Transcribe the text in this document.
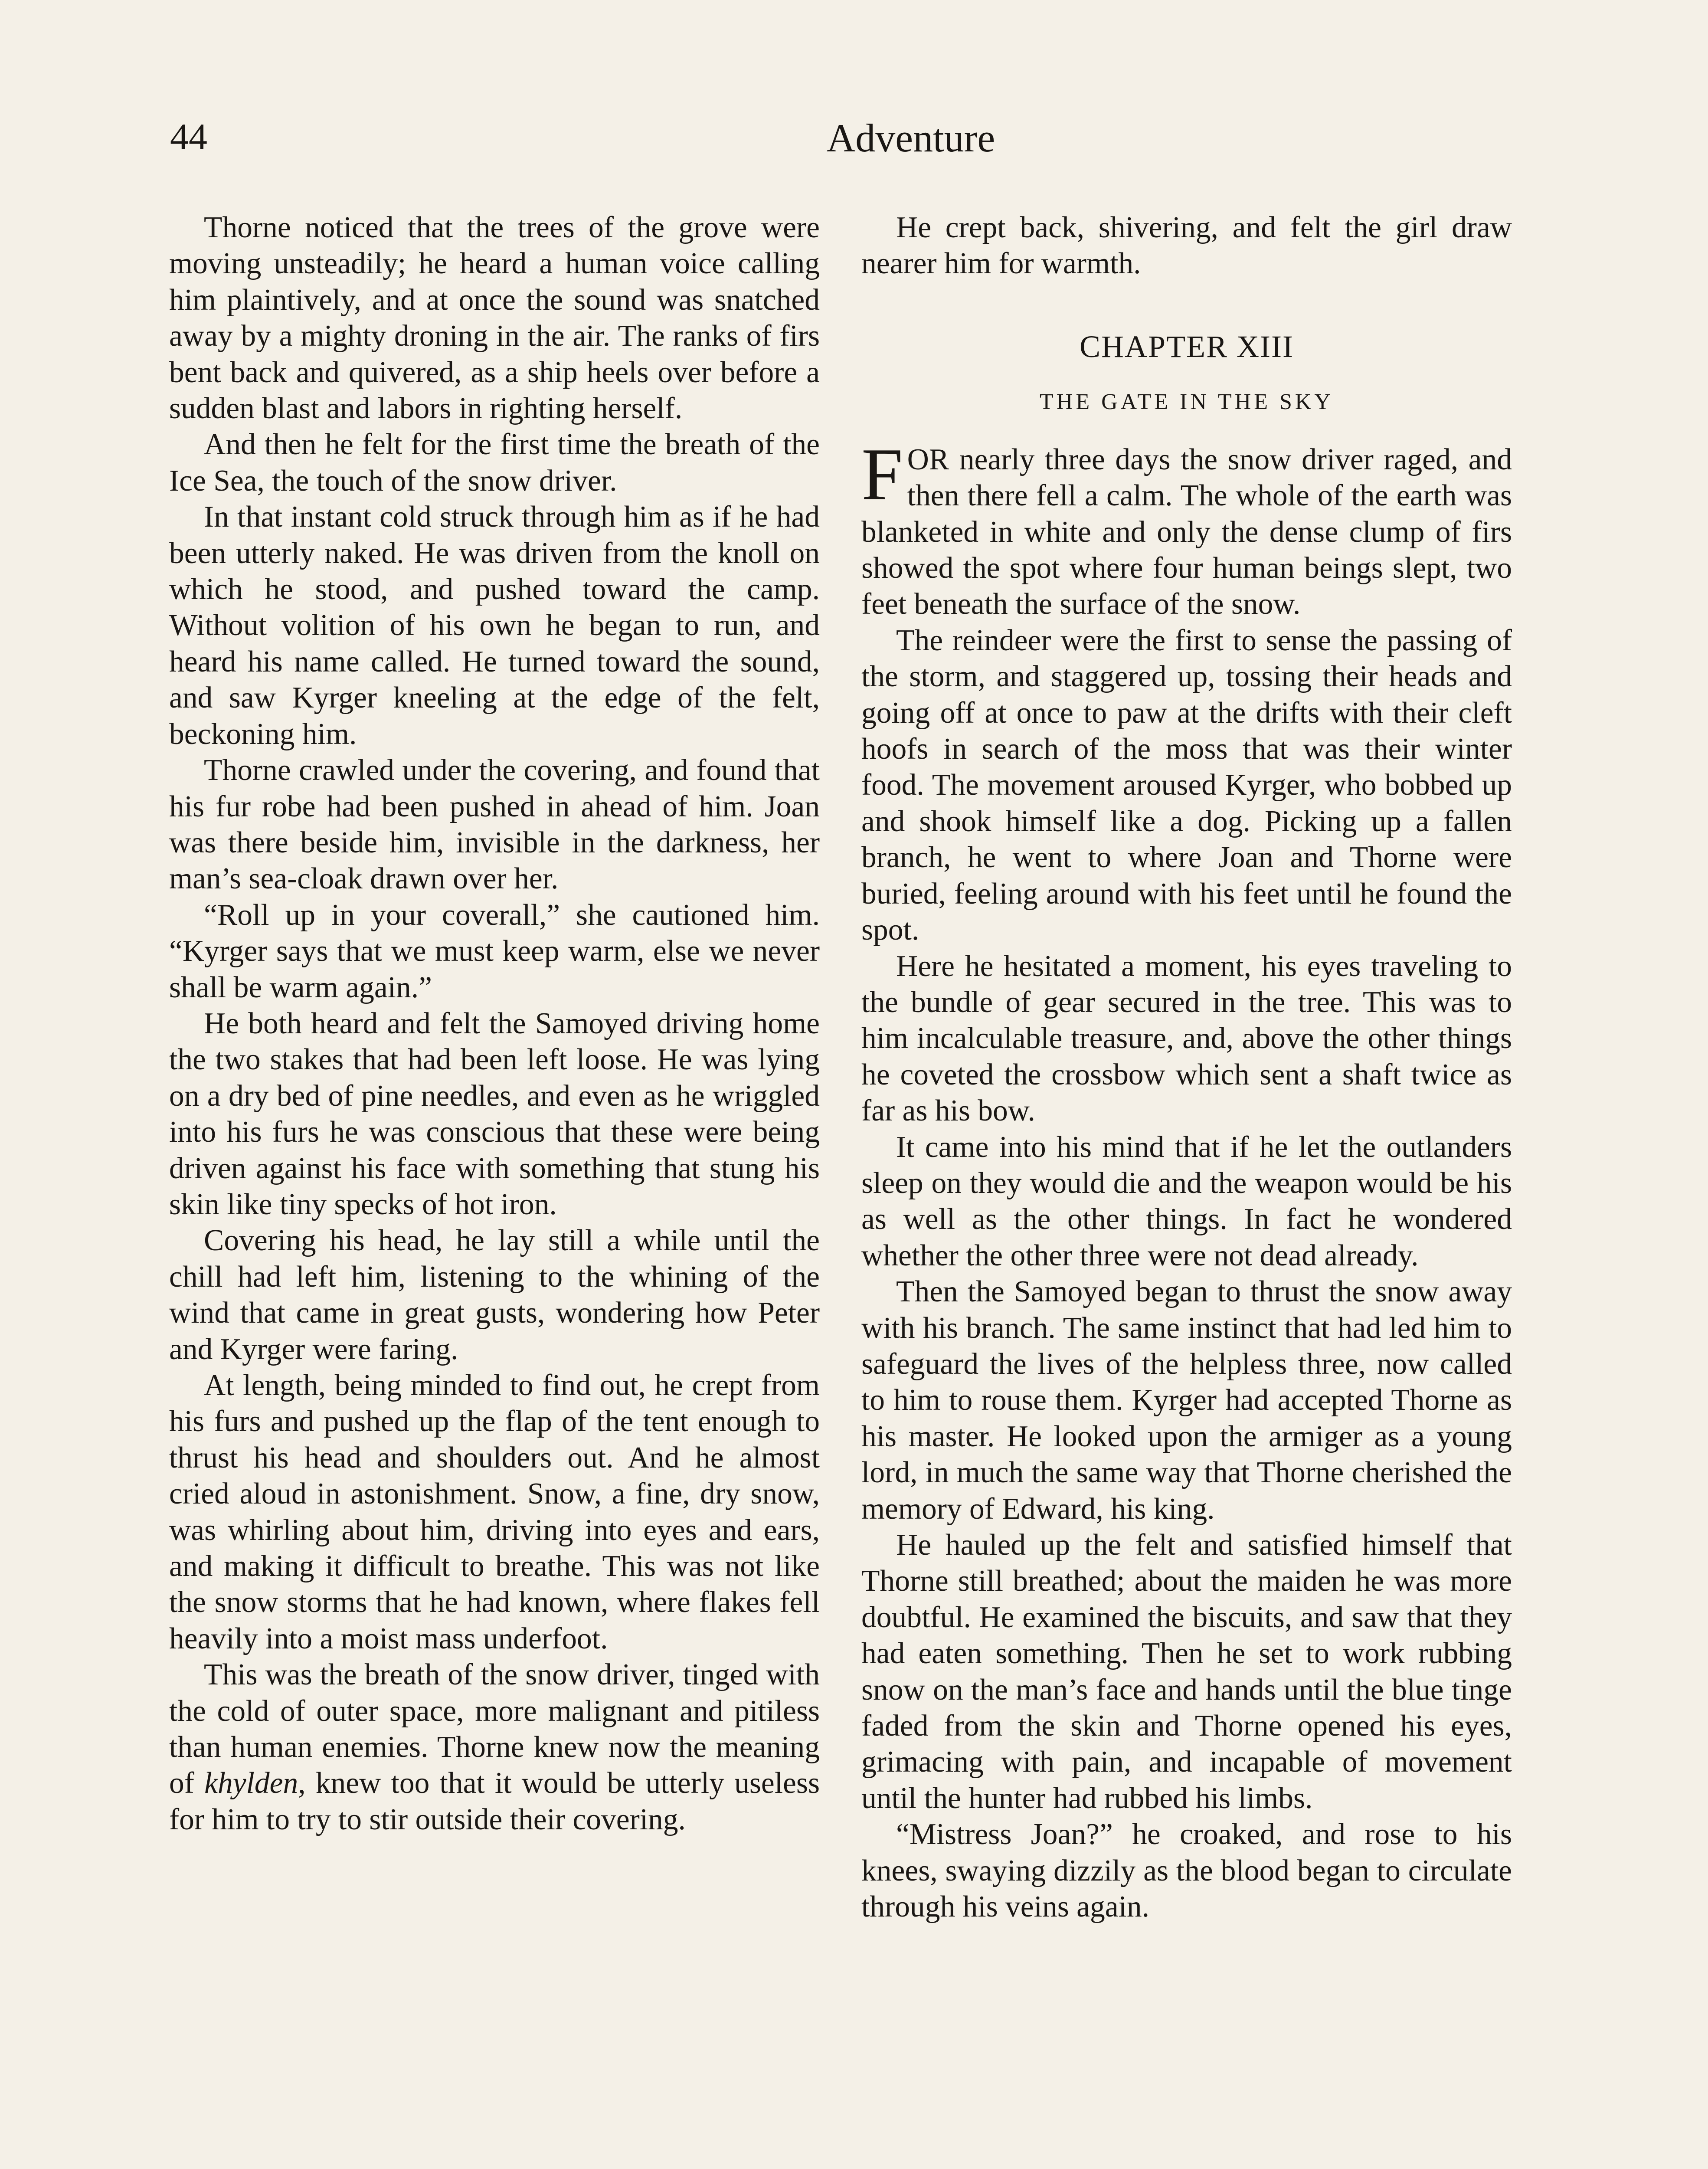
44	Adventure

Thorne noticed that the trees of the grove were moving unsteadily; he heard a human voice calling him plaintively, and at once the sound was snatched away by a mighty droning in the air. The ranks of firs bent back and quivered, as a ship heels over before a sudden blast and labors in righting herself.

And then he felt for the first time the breath of the Ice Sea, the touch of the snow driver.

In that instant cold struck through him as if he had been utterly naked. He was driven from the knoll on which he stood, and pushed toward the camp. Without volition of his own he began to run, and heard his name called. He turned toward the sound, and saw Kyrger kneeling at the edge of the felt, beckoning him.

Thorne crawled under the covering, and found that his fur robe had been pushed in ahead of him. Joan was there beside him, invisible in the darkness, her man’s sea-cloak drawn over her.

“Roll up in your coverall,” she cautioned him. “Kyrger says that we must keep warm, else we never shall be warm again.”

He both heard and felt the Samoyed driving home the two stakes that had been left loose. He was lying on a dry bed of pine needles, and even as he wriggled into his furs he was conscious that these were being driven against his face with something that stung his skin like tiny specks of hot iron.

Covering his head, he lay still a while until the chill had left him, listening to the whining of the wind that came in great gusts, wondering how Peter and Kyrger were faring.

At length, being minded to find out, he crept from his furs and pushed up the flap of the tent enough to thrust his head and shoulders out. And he almost cried aloud in astonishment. Snow, a fine, dry snow, was whirling about him, driving into eyes and ears, and making it difficult to breathe. This was not like the snow storms that he had known, where flakes fell heavily into a moist mass underfoot.

This was the breath of the snow driver, tinged with the cold of outer space, more malignant and pitiless than human enemies. Thorne knew now the meaning of khylden, knew too that it would be utterly useless for him to try to stir outside their covering.

He crept back, shivering, and felt the girl draw nearer him for warmth.

CHAPTER XIII
THE GATE IN THE SKY

FOR nearly three days the snow driver raged, and then there fell a calm. The whole of the earth was blanketed in white and only the dense clump of firs showed the spot where four human beings slept, two feet beneath the surface of the snow.

The reindeer were the first to sense the passing of the storm, and staggered up, tossing their heads and going off at once to paw at the drifts with their cleft hoofs in search of the moss that was their winter food. The movement aroused Kyrger, who bobbed up and shook himself like a dog. Picking up a fallen branch, he went to where Joan and Thorne were buried, feeling around with his feet until he found the spot.

Here he hesitated a moment, his eyes traveling to the bundle of gear secured in the tree. This was to him incalculable treasure, and, above the other things he coveted the crossbow which sent a shaft twice as far as his bow.

It came into his mind that if he let the outlanders sleep on they would die and the weapon would be his as well as the other things. In fact he wondered whether the other three were not dead already.

Then the Samoyed began to thrust the snow away with his branch. The same instinct that had led him to safeguard the lives of the helpless three, now called to him to rouse them. Kyrger had accepted Thorne as his master. He looked upon the armiger as a young lord, in much the same way that Thorne cherished the memory of Edward, his king.

He hauled up the felt and satisfied himself that Thorne still breathed; about the maiden he was more doubtful. He examined the biscuits, and saw that they had eaten something. Then he set to work rubbing snow on the man’s face and hands until the blue tinge faded from the skin and Thorne opened his eyes, grimacing with pain, and incapable of movement until the hunter had rubbed his limbs.

“Mistress Joan?” he croaked, and rose to his knees, swaying dizzily as the blood began to circulate through his veins again.
